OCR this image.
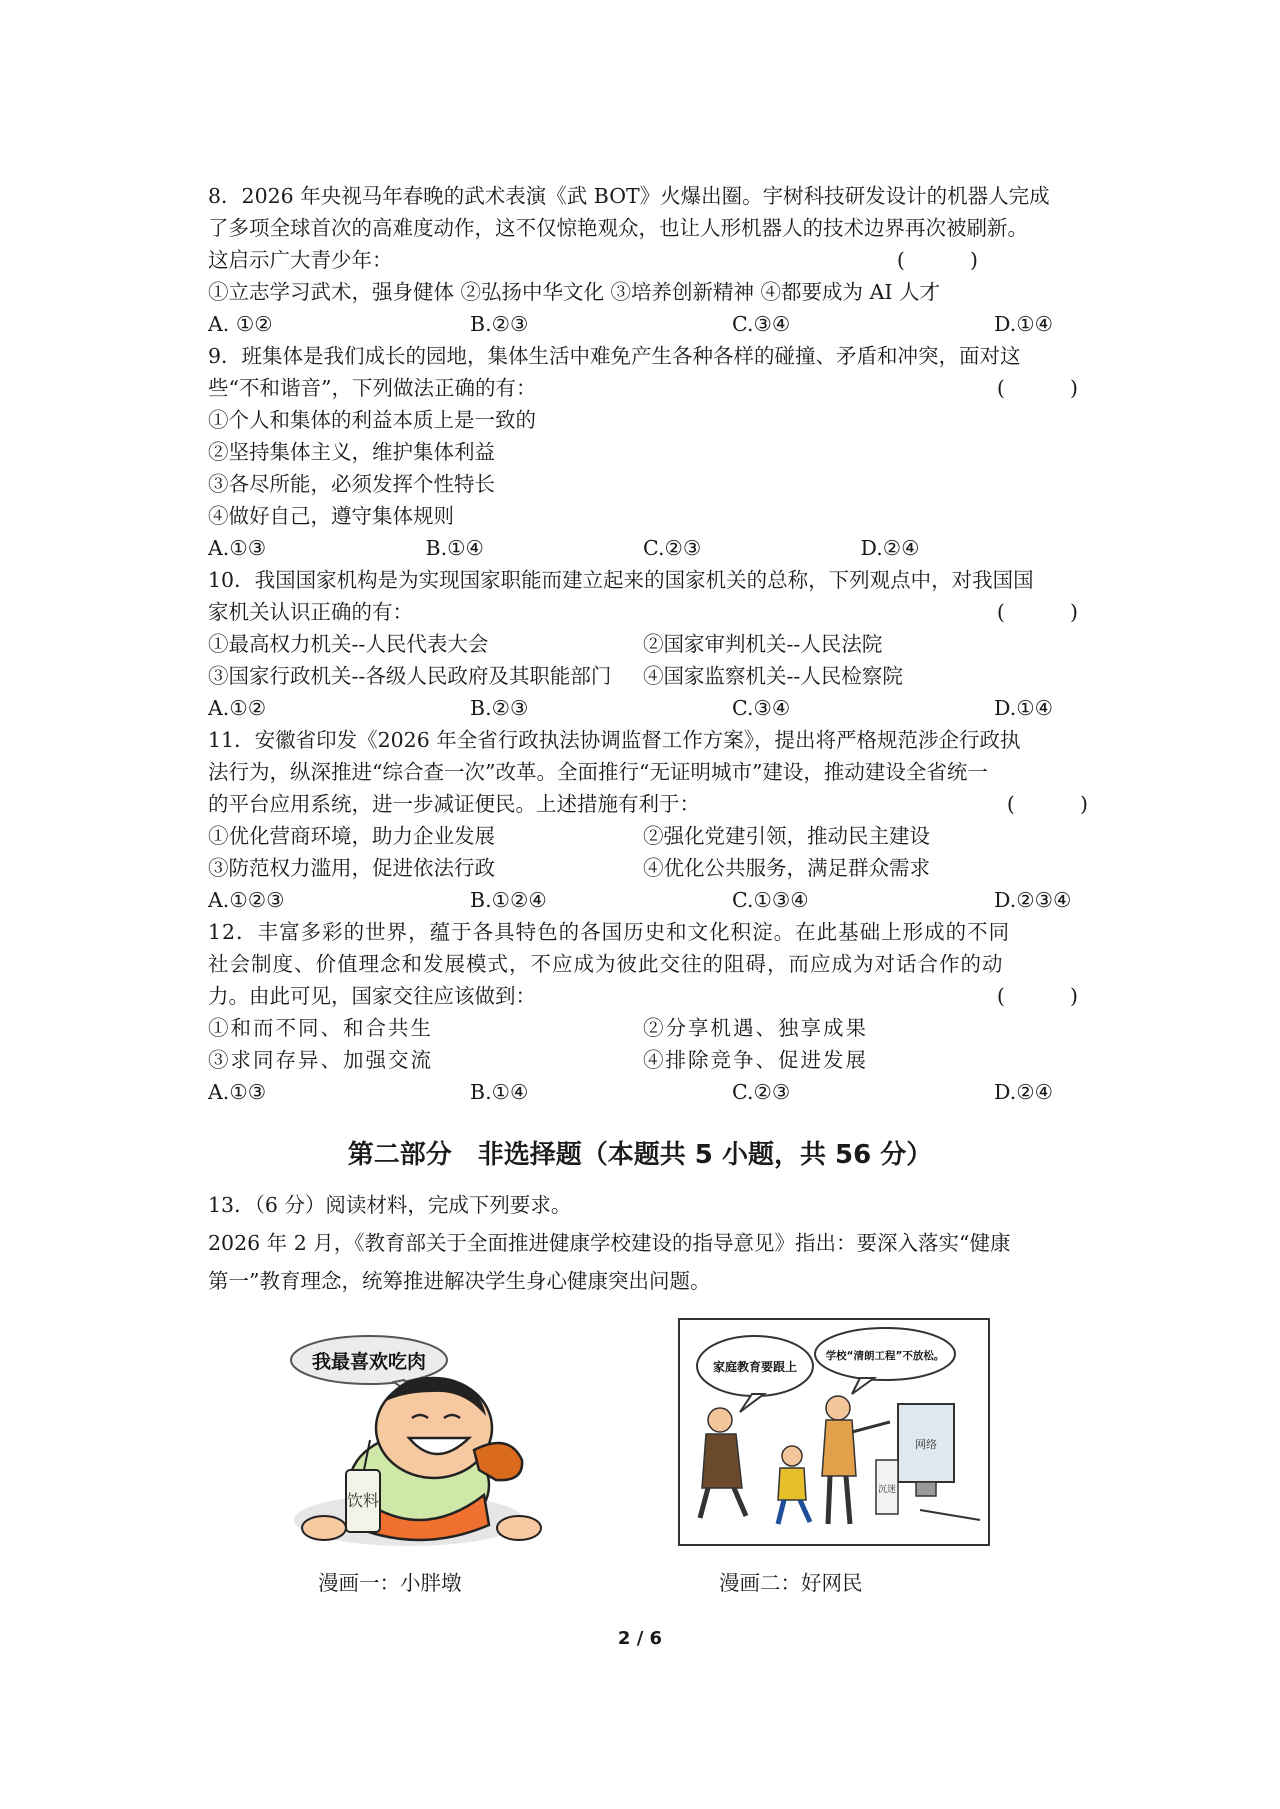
8．2026 年央视马年春晚的武术表演《武 BOT》火爆出圈。宇树科技研发设计的机器人完成
了多项全球首次的高难度动作，这不仅惊艳观众，也让人形机器人的技术边界再次被刷新。
这启示广大青少年：	(          )
①立志学习武术，强身健体 ②弘扬中华文化 ③培养创新精神 ④都要成为 AI 人才
A. ①②	B.②③	C.③④	D.①④
9．班集体是我们成长的园地，集体生活中难免产生各种各样的碰撞、矛盾和冲突，面对这
些“不和谐音”，下列做法正确的有：	(          )
①个人和集体的利益本质上是一致的
②坚持集体主义，维护集体利益
③各尽所能，必须发挥个性特长
④做好自己，遵守集体规则
A.①③	B.①④	C.②③	D.②④
10．我国国家机构是为实现国家职能而建立起来的国家机关的总称，下列观点中，对我国国
家机关认识正确的有：	(          )
①最高权力机关--人民代表大会	②国家审判机关--人民法院
③国家行政机关--各级人民政府及其职能部门	④国家监察机关--人民检察院
A.①②	B.②③	C.③④	D.①④
11．安徽省印发《2026 年全省行政执法协调监督工作方案》，提出将严格规范涉企行政执
法行为，纵深推进“综合查一次”改革。全面推行“无证明城市”建设，推动建设全省统一
的平台应用系统，进一步减证便民。上述措施有利于：	(          )
①优化营商环境，助力企业发展	②强化党建引领，推动民主建设
③防范权力滥用，促进依法行政	④优化公共服务，满足群众需求
A.①②③	B.①②④	C.①③④	D.②③④
12．丰富多彩的世界，蕴于各具特色的各国历史和文化积淀。在此基础上形成的不同
社会制度、价值理念和发展模式，不应成为彼此交往的阻碍，而应成为对话合作的动
力。由此可见，国家交往应该做到：	(          )
①和而不同、和合共生	②分享机遇、独享成果
③求同存异、加强交流	④排除竞争、促进发展
A.①③	B.①④	C.②③	D.②④
第二部分　非选择题（本题共 5 小题，共 56 分）
13．（6 分）阅读材料，完成下列要求。
2026 年 2 月，《教育部关于全面推进健康学校建设的指导意见》指出：要深入落实“健康
第一”教育理念，统筹推进解决学生身心健康突出问题。
我最喜欢吃肉
饮料
家庭教育要跟上
学校“清朗工程”不放松。
网络
沉迷
漫画一：小胖墩	漫画二：好网民
2 / 6
